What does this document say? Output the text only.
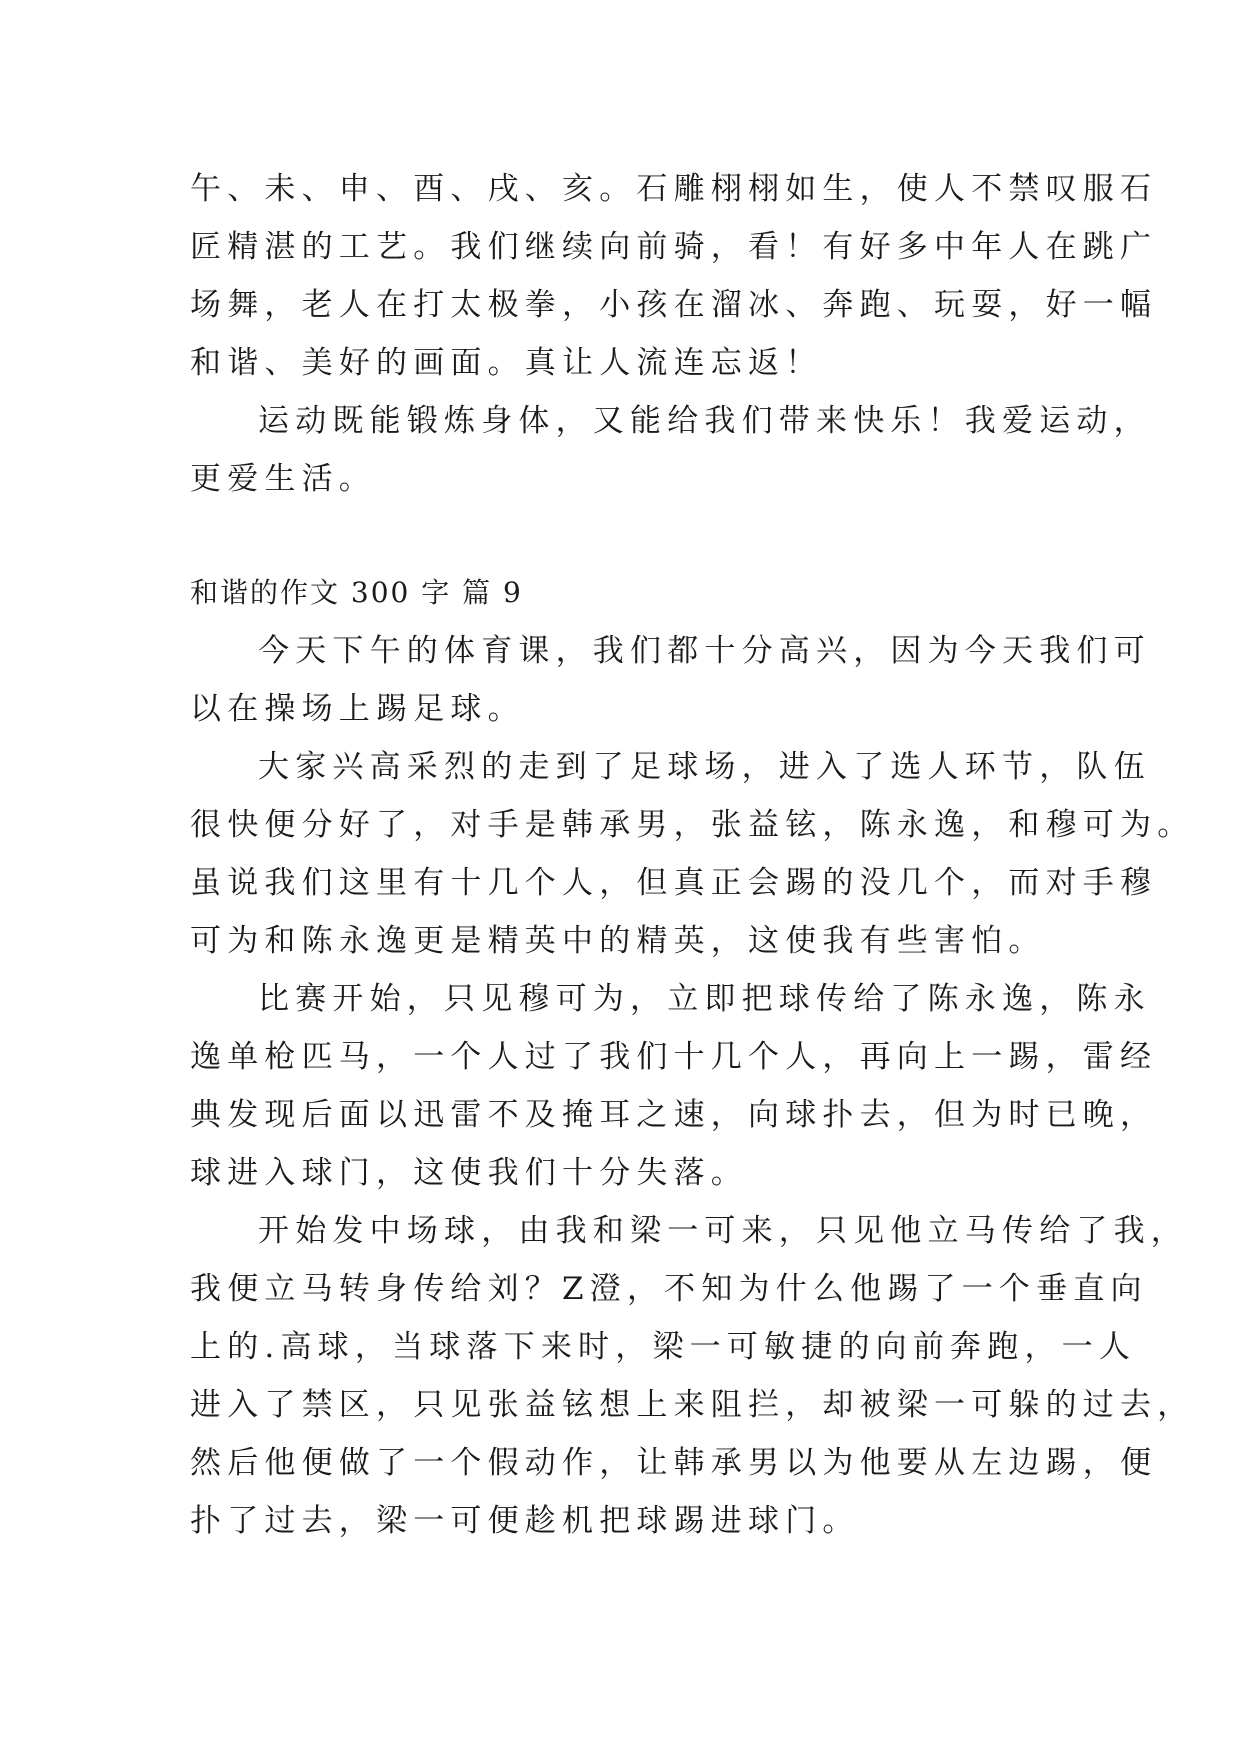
午、未、申、酉、戌、亥。石雕栩栩如生，使人不禁叹服石
匠精湛的工艺。我们继续向前骑，看！有好多中年人在跳广
场舞，老人在打太极拳，小孩在溜冰、奔跑、玩耍，好一幅
和谐、美好的画面。真让人流连忘返！
运动既能锻炼身体，又能给我们带来快乐！我爱运动，
更爱生活。
和谐的作文 300 字 篇 9
今天下午的体育课，我们都十分高兴，因为今天我们可
以在操场上踢足球。
大家兴高采烈的走到了足球场，进入了选人环节，队伍
很快便分好了，对手是韩承男，张益铉，陈永逸，和穆可为。
虽说我们这里有十几个人，但真正会踢的没几个，而对手穆
可为和陈永逸更是精英中的精英，这使我有些害怕。
比赛开始，只见穆可为，立即把球传给了陈永逸，陈永
逸单枪匹马，一个人过了我们十几个人，再向上一踢，雷经
典发现后面以迅雷不及掩耳之速，向球扑去，但为时已晚，
球进入球门，这使我们十分失落。
开始发中场球，由我和梁一可来，只见他立马传给了我，
我便立马转身传给刘？Z澄，不知为什么他踢了一个垂直向
上的.高球，当球落下来时，梁一可敏捷的向前奔跑，一人
进入了禁区，只见张益铉想上来阻拦，却被梁一可躲的过去，
然后他便做了一个假动作，让韩承男以为他要从左边踢，便
扑了过去，梁一可便趁机把球踢进球门。
